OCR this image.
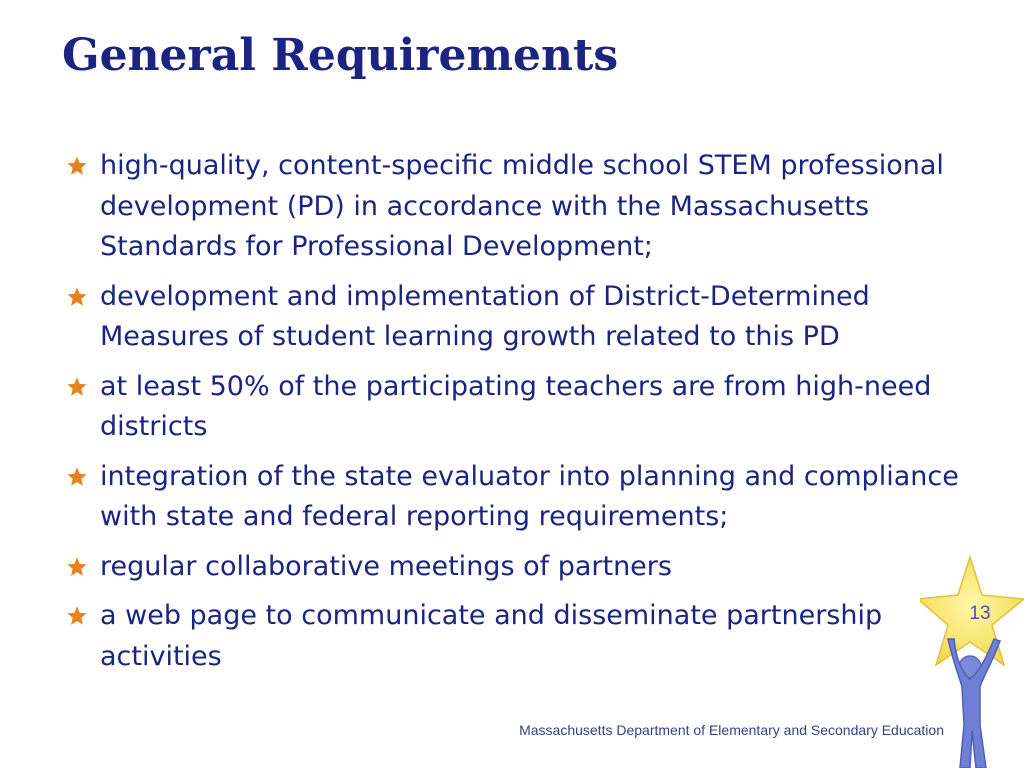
General Requirements
high-quality, content-specific middle school STEM professional development (PD) in accordance with the Massachusetts Standards for Professional Development;
development and implementation of District-Determined Measures of student learning growth related to this PD
at least 50% of the participating teachers are from high-need districts
integration of the state evaluator into planning and compliance with state and federal reporting requirements;
regular collaborative meetings of partners
a web page to communicate and disseminate partnership activities
13
Massachusetts Department of Elementary and Secondary Education
